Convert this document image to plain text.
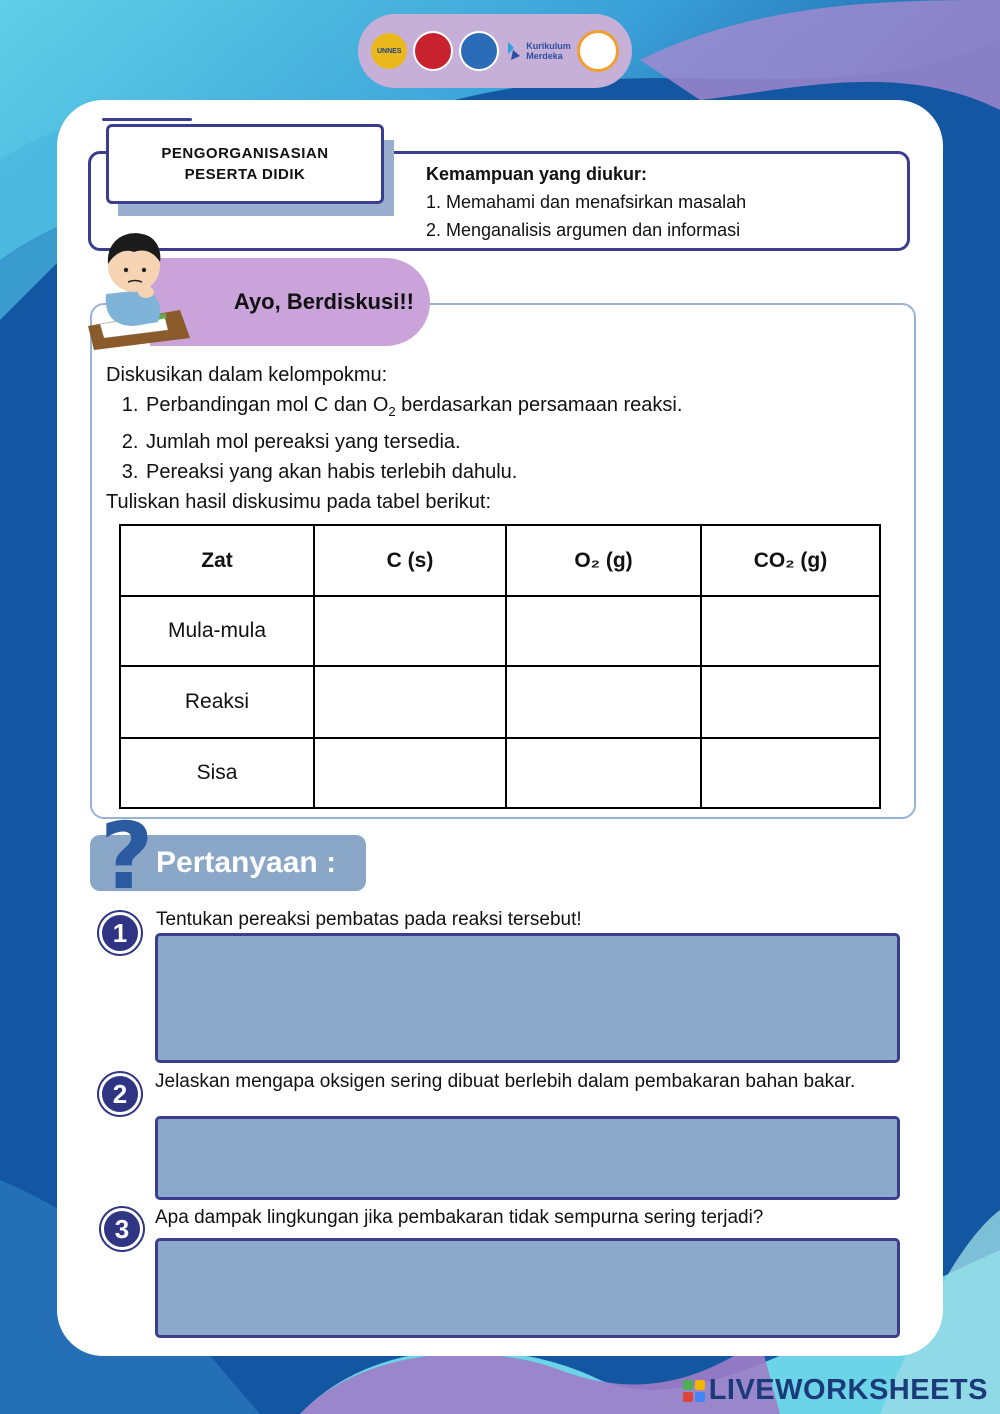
UNNES	Kurikulum
Merdeka
PENGORGANISASIAN
PESERTA DIDIK	Kemampuan yang diukur:
1. Memahami dan menafsirkan masalah
2. Menganalisis argumen dan informasi
Ayo, Berdiskusi!!
Diskusikan dalam kelompokmu:
1. Perbandingan mol C dan $O_2$ berdasarkan persamaan reaksi.
2. Jumlah mol pereaksi yang tersedia.
3. Pereaksi yang akan habis terlebih dahulu.
Tuliskan hasil diskusimu pada tabel berikut:
Zat	C (s)	O₂ (g)	CO₂ (g)
Mula-mula			
Reaksi			
Sisa			
Pertanyaan :
?
1	Tentukan pereaksi pembatas pada reaksi tersebut!
2	Jelaskan mengapa oksigen sering dibuat berlebih dalam pembakaran bahan bakar.
3	Apa dampak lingkungan jika pembakaran tidak sempurna sering terjadi?
LIVEWORKSHEETS
